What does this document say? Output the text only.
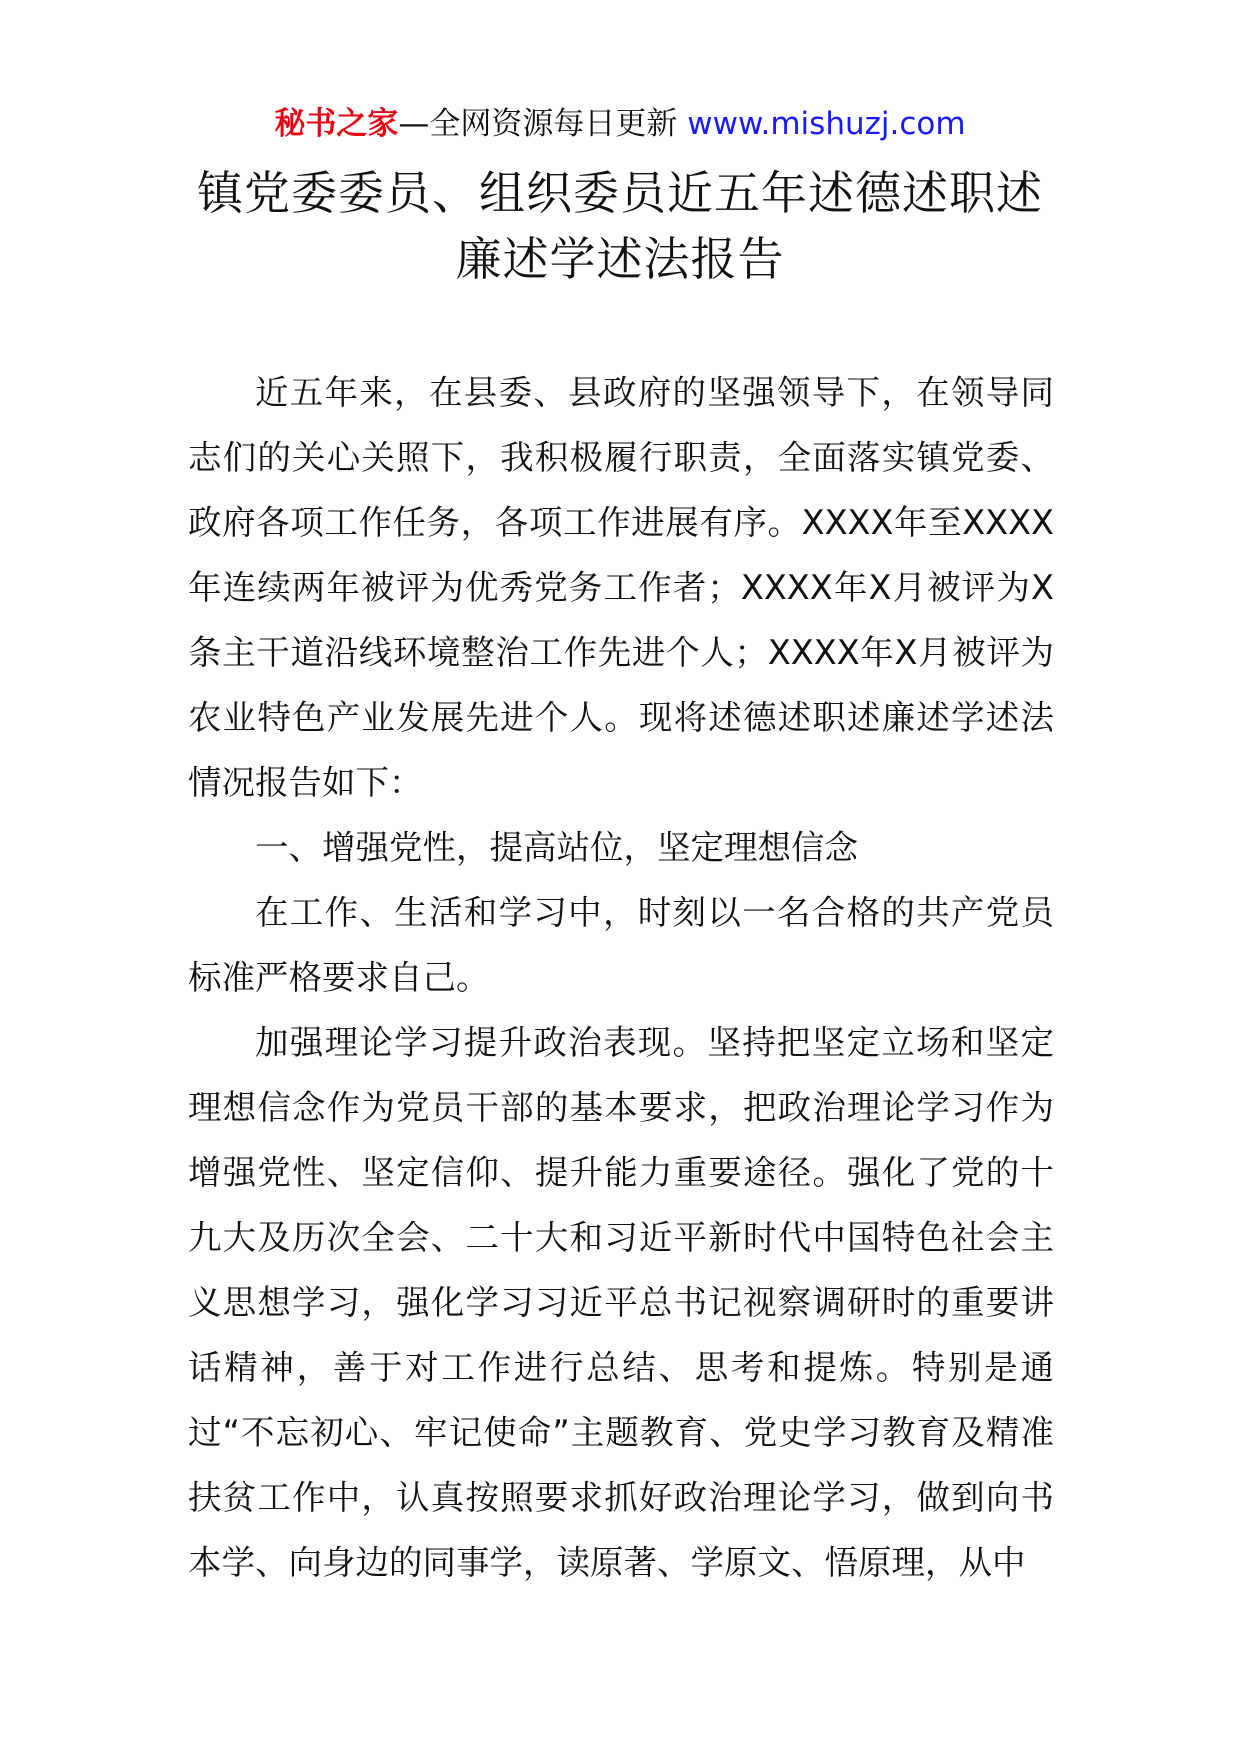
秘书之家—全网资源每日更新 www.mishuzj.com
镇党委委员、组织委员近五年述德述职述
廉述学述法报告

近五年来，在县委、县政府的坚强领导下，在领导同志们的关心关照下，我积极履行职责，全面落实镇党委、政府各项工作任务，各项工作进展有序。XXXX年至XXXX年连续两年被评为优秀党务工作者；XXXX年X月被评为X条主干道沿线环境整治工作先进个人；XXXX年X月被评为农业特色产业发展先进个人。现将述德述职述廉述学述法情况报告如下：

一、增强党性，提高站位，坚定理想信念

在工作、生活和学习中，时刻以一名合格的共产党员标准严格要求自己。

加强理论学习提升政治表现。坚持把坚定立场和坚定理想信念作为党员干部的基本要求，把政治理论学习作为增强党性、坚定信仰、提升能力重要途径。强化了党的十九大及历次全会、二十大和习近平新时代中国特色社会主义思想学习，强化学习习近平总书记视察调研时的重要讲话精神，善于对工作进行总结、思考和提炼。特别是通过“不忘初心、牢记使命”主题教育、党史学习教育及精准扶贫工作中，认真按照要求抓好政治理论学习，做到向书本学、向身边的同事学，读原著、学原文、悟原理，从中
